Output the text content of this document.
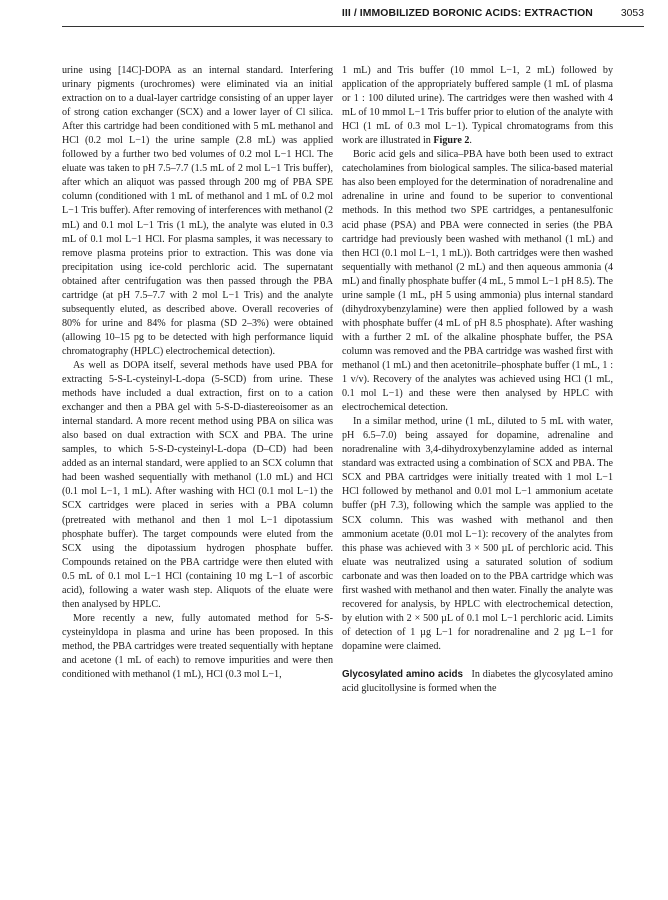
III / IMMOBILIZED BORONIC ACIDS: EXTRACTION	3053

urine using [14C]-DOPA as an internal standard. Interfering urinary pigments (urochromes) were eliminated via an initial extraction on to a dual-layer cartridge consisting of an upper layer of strong cation exchanger (SCX) and a lower layer of Cl silica. After this cartridge had been conditioned with 5 mL methanol and HCl (0.2 mol L−1) the urine sample (2.8 mL) was applied followed by a further two bed volumes of 0.2 mol L−1 HCl. The eluate was taken to pH 7.5–7.7 (1.5 mL of 2 mol L−1 Tris buffer), after which an aliquot was passed through 200 mg of PBA SPE column (conditioned with 1 mL of methanol and 1 mL of 0.2 mol L−1 Tris buffer). After removing of interferences with methanol (2 mL) and 0.1 mol L−1 Tris (1 mL), the analyte was eluted in 0.3 mL of 0.1 mol L−1 HCl. For plasma samples, it was necessary to remove plasma proteins prior to extraction. This was done via precipitation using ice-cold perchloric acid. The supernatant obtained after centrifugation was then passed through the PBA cartridge (at pH 7.5–7.7 with 2 mol L−1 Tris) and the analyte subsequently eluted, as described above. Overall recoveries of 80% for urine and 84% for plasma (SD 2–3%) were obtained (allowing 10–15 pg to be detected with high performance liquid chromatography (HPLC) electrochemical detection).

As well as DOPA itself, several methods have used PBA for extracting 5-S-L-cysteinyl-L-dopa (5-SCD) from urine. These methods have included a dual extraction, first on to a cation exchanger and then a PBA gel with 5-S-D-diastereoisomer as an internal standard. A more recent method using PBA on silica was also based on dual extraction with SCX and PBA. The urine samples, to which 5-S-D-cysteinyl-L-dopa (D–CD) had been added as an internal standard, were applied to an SCX column that had been washed sequentially with methanol (1.0 mL) and HCl (0.1 mol L−1, 1 mL). After washing with HCl (0.1 mol L−1) the SCX cartridges were placed in series with a PBA column (pretreated with methanol and then 1 mol L−1 dipotassium phosphate buffer). The target compounds were eluted from the SCX using the dipotassium hydrogen phosphate buffer. Compounds retained on the PBA cartridge were then eluted with 0.5 mL of 0.1 mol L−1 HCl (containing 10 mg L−1 of ascorbic acid), following a water wash step. Aliquots of the eluate were then analysed by HPLC.

More recently a new, fully automated method for 5-S-cysteinyldopa in plasma and urine has been proposed. In this method, the PBA cartridges were treated sequentially with heptane and acetone (1 mL of each) to remove impurities and were then conditioned with methanol (1 mL), HCl (0.3 mol L−1,

1 mL) and Tris buffer (10 mmol L−1, 2 mL) followed by application of the appropriately buffered sample (1 mL of plasma or 1 : 100 diluted urine). The cartridges were then washed with 4 mL of 10 mmol L−1 Tris buffer prior to elution of the analyte with HCl (1 mL of 0.3 mol L−1). Typical chromatograms from this work are illustrated in Figure 2.

Boric acid gels and silica–PBA have both been used to extract catecholamines from biological samples. The silica-based material has also been employed for the determination of noradrenaline and adrenaline in urine and found to be superior to conventional methods. In this method two SPE cartridges, a pentanesulfonic acid phase (PSA) and PBA were connected in series (the PBA cartridge had previously been washed with methanol (1 mL) and then HCl (0.1 mol L−1, 1 mL)). Both cartridges were then washed sequentially with methanol (2 mL) and then aqueous ammonia (4 mL) and finally phosphate buffer (4 mL, 5 mmol L−1 pH 8.5). The urine sample (1 mL, pH 5 using ammonia) plus internal standard (dihydroxybenzylamine) were then applied followed by a wash with phosphate buffer (4 mL of pH 8.5 phosphate). After washing with a further 2 mL of the alkaline phosphate buffer, the PSA column was removed and the PBA cartridge was washed first with methanol (1 mL) and then acetonitrile–phosphate buffer (1 mL, 1 : 1 v/v). Recovery of the analytes was achieved using HCl (1 mL, 0.1 mol L−1) and these were then analysed by HPLC with electrochemical detection.

In a similar method, urine (1 mL, diluted to 5 mL with water, pH 6.5–7.0) being assayed for dopamine, adrenaline and noradrenaline with 3,4-dihydroxybenzylamine added as internal standard was extracted using a combination of SCX and PBA. The SCX and PBA cartridges were initially treated with 1 mol L−1 HCl followed by methanol and 0.01 mol L−1 ammonium acetate buffer (pH 7.3), following which the sample was applied to the SCX column. This was washed with methanol and then ammonium acetate (0.01 mol L−1): recovery of the analytes from this phase was achieved with 3 × 500 µL of perchloric acid. This eluate was neutralized using a saturated solution of sodium carbonate and was then loaded on to the PBA cartridge which was first washed with methanol and then water. Finally the analyte was recovered for analysis, by HPLC with electrochemical detection, by elution with 2 × 500 µL of 0.1 mol L−1 perchloric acid. Limits of detection of 1 µg L−1 for noradrenaline and 2 µg L−1 for dopamine were claimed.

Glycosylated amino acids In diabetes the glycosylated amino acid glucitollysine is formed when the
